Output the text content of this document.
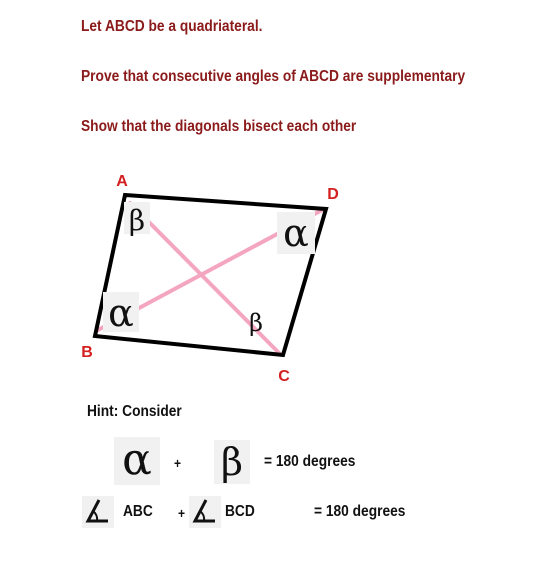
Let ABCD be a quadriateral.
Prove that consecutive angles of ABCD are supplementary
Show that the diagonals bisect each other
β	α
α	β
A
D
B
C
Hint: Consider
α	+ β	= 180 degrees
ABC + BCD	= 180 degrees
